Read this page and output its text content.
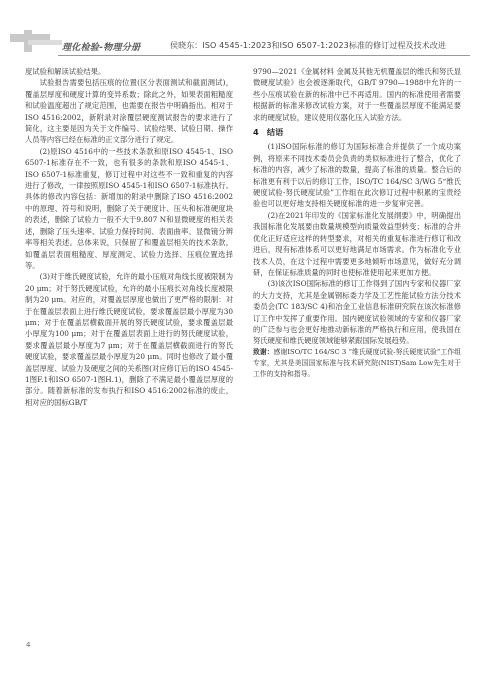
理化检验-物理分册	侯晓东：ISO 4545-1:2023和ISO 6507-1:2023标准的修订过程及技术改进

度试验和解读试验结果。

试验报告需要包括压痕的位置(区分表面测试和截面测试)，覆盖层厚度和硬度计算的变异系数；除此之外，如果表面粗糙度和试验温度超出了规定范围，也需要在报告中明确指出。相对于ISO 4516:2002，新附录对涂覆层硬度测试报告的要求进行了简化，这主要是因为关于文件编号、试验结果、试验日期、操作人员等内容已经在标准的正文部分进行了规定。

(2)原ISO 4516中的一些技术条款和原ISO 4545-1、ISO 6507-1标准存在不一致，也有很多的条款和原ISO 4545-1、ISO 6507-1标准重复，修订过程中对这些不一致和重复的内容进行了修改，一律按照原ISO 4545-1和ISO 6507-1标准执行。具体的修改内容包括：新增加的附录中删除了ISO 4516:2002中的原理、符号和说明，删除了关于硬度计、压头和标准硬度块的表述，删除了试验力一般不大于9.807 N和显微硬度的相关表述，删除了压头速率、试验力保持时间、表面曲率、显微镜分辨率等相关表述。总体来说，只保留了和覆盖层相关的技术条款，如覆盖层表面粗糙度、厚度测定、试验力选择、压痕位置选择等。

(3)对于维氏硬度试验，允许的最小压痕对角线长度被限制为20 μm；对于努氏硬度试验，允许的最小压痕长对角线长度被限制为20 μm。对应的，对覆盖层厚度也做出了更严格的限制：对于在覆盖层表面上进行维氏硬度试验，要求覆盖层最小厚度为30 μm；对于在覆盖层横截面开展的努氏硬度试验，要求覆盖层最小厚度为100 μm；对于在覆盖层表面上进行的努氏硬度试验，要求覆盖层最小厚度为7 μm；对于在覆盖层横截面进行的努氏硬度试验，要求覆盖层最小厚度为20 μm。同时也修改了最小覆盖层厚度、试验力及硬度之间的关系图(对应修订后的ISO 4545-1图F.1和ISO 6507-1图H.1)，删除了不满足最小覆盖层厚度的部分。随着新标准的发布执行和ISO 4516:2002标准的废止，相对应的国标GB/T

9790—2021《金属材料 金属及其他无机覆盖层的维氏和努氏显微硬度试验》也会被逐渐取代，GB/T 9790—1988中允许的一些小压痕试验在新的标准中已不再适用。国内的标准使用者需要根据新的标准来修改试验方案，对于一些覆盖层厚度不能满足要求的硬度试验，建议使用仪器化压入试验方法。

4　结语

(1)ISO国际标准的修订为国际标准合并提供了一个成功案例，将原来不同技术委员会负责的类似标准进行了整合，优化了标准的内容，减少了标准的数量，提高了标准的质量。整合后的标准更有利于以后的修订工作，ISO/TC 164/SC 3/WG 5“维氏硬度试验-努氏硬度试验”工作组在此次修订过程中积累的宝贵经验也可以更好地支持相关硬度标准的进一步复审完善。

(2)在2021年印发的《国家标准化发展纲要》中，明确提出我国标准化发展要由数量规模型向质量效益型转变；标准的合并优化正好适应这样的转型要求，对相关的重复标准进行修订和改进后，现有标准体系可以更好地满足市场需求。作为标准化专业技术人员，在这个过程中需要更多地倾听市场意见，做好充分调研，在保证标准质量的同时也使标准使用起来更加方便。

(3)该次ISO国际标准的修订工作得到了国内专家和仪器厂家的大力支持，尤其是金属钢标委力学及工艺性能试验方法分技术委员会(TC 183/SC 4)和冶金工业信息标准研究院在该次标准修订工作中发挥了重要作用。国内硬度试验领域的专家和仪器厂家的广泛参与也会更好地推动新标准的严格执行和应用，使我国在努氏硬度和维氏硬度领域能够紧跟国际发展趋势。

致谢：感谢ISO/TC 164/SC 3 “维氏硬度试验-努氏硬度试验”工作组专家，尤其是美国国家标准与技术研究院(NIST)Sam Low先生对于工作的支持和指导。

4
